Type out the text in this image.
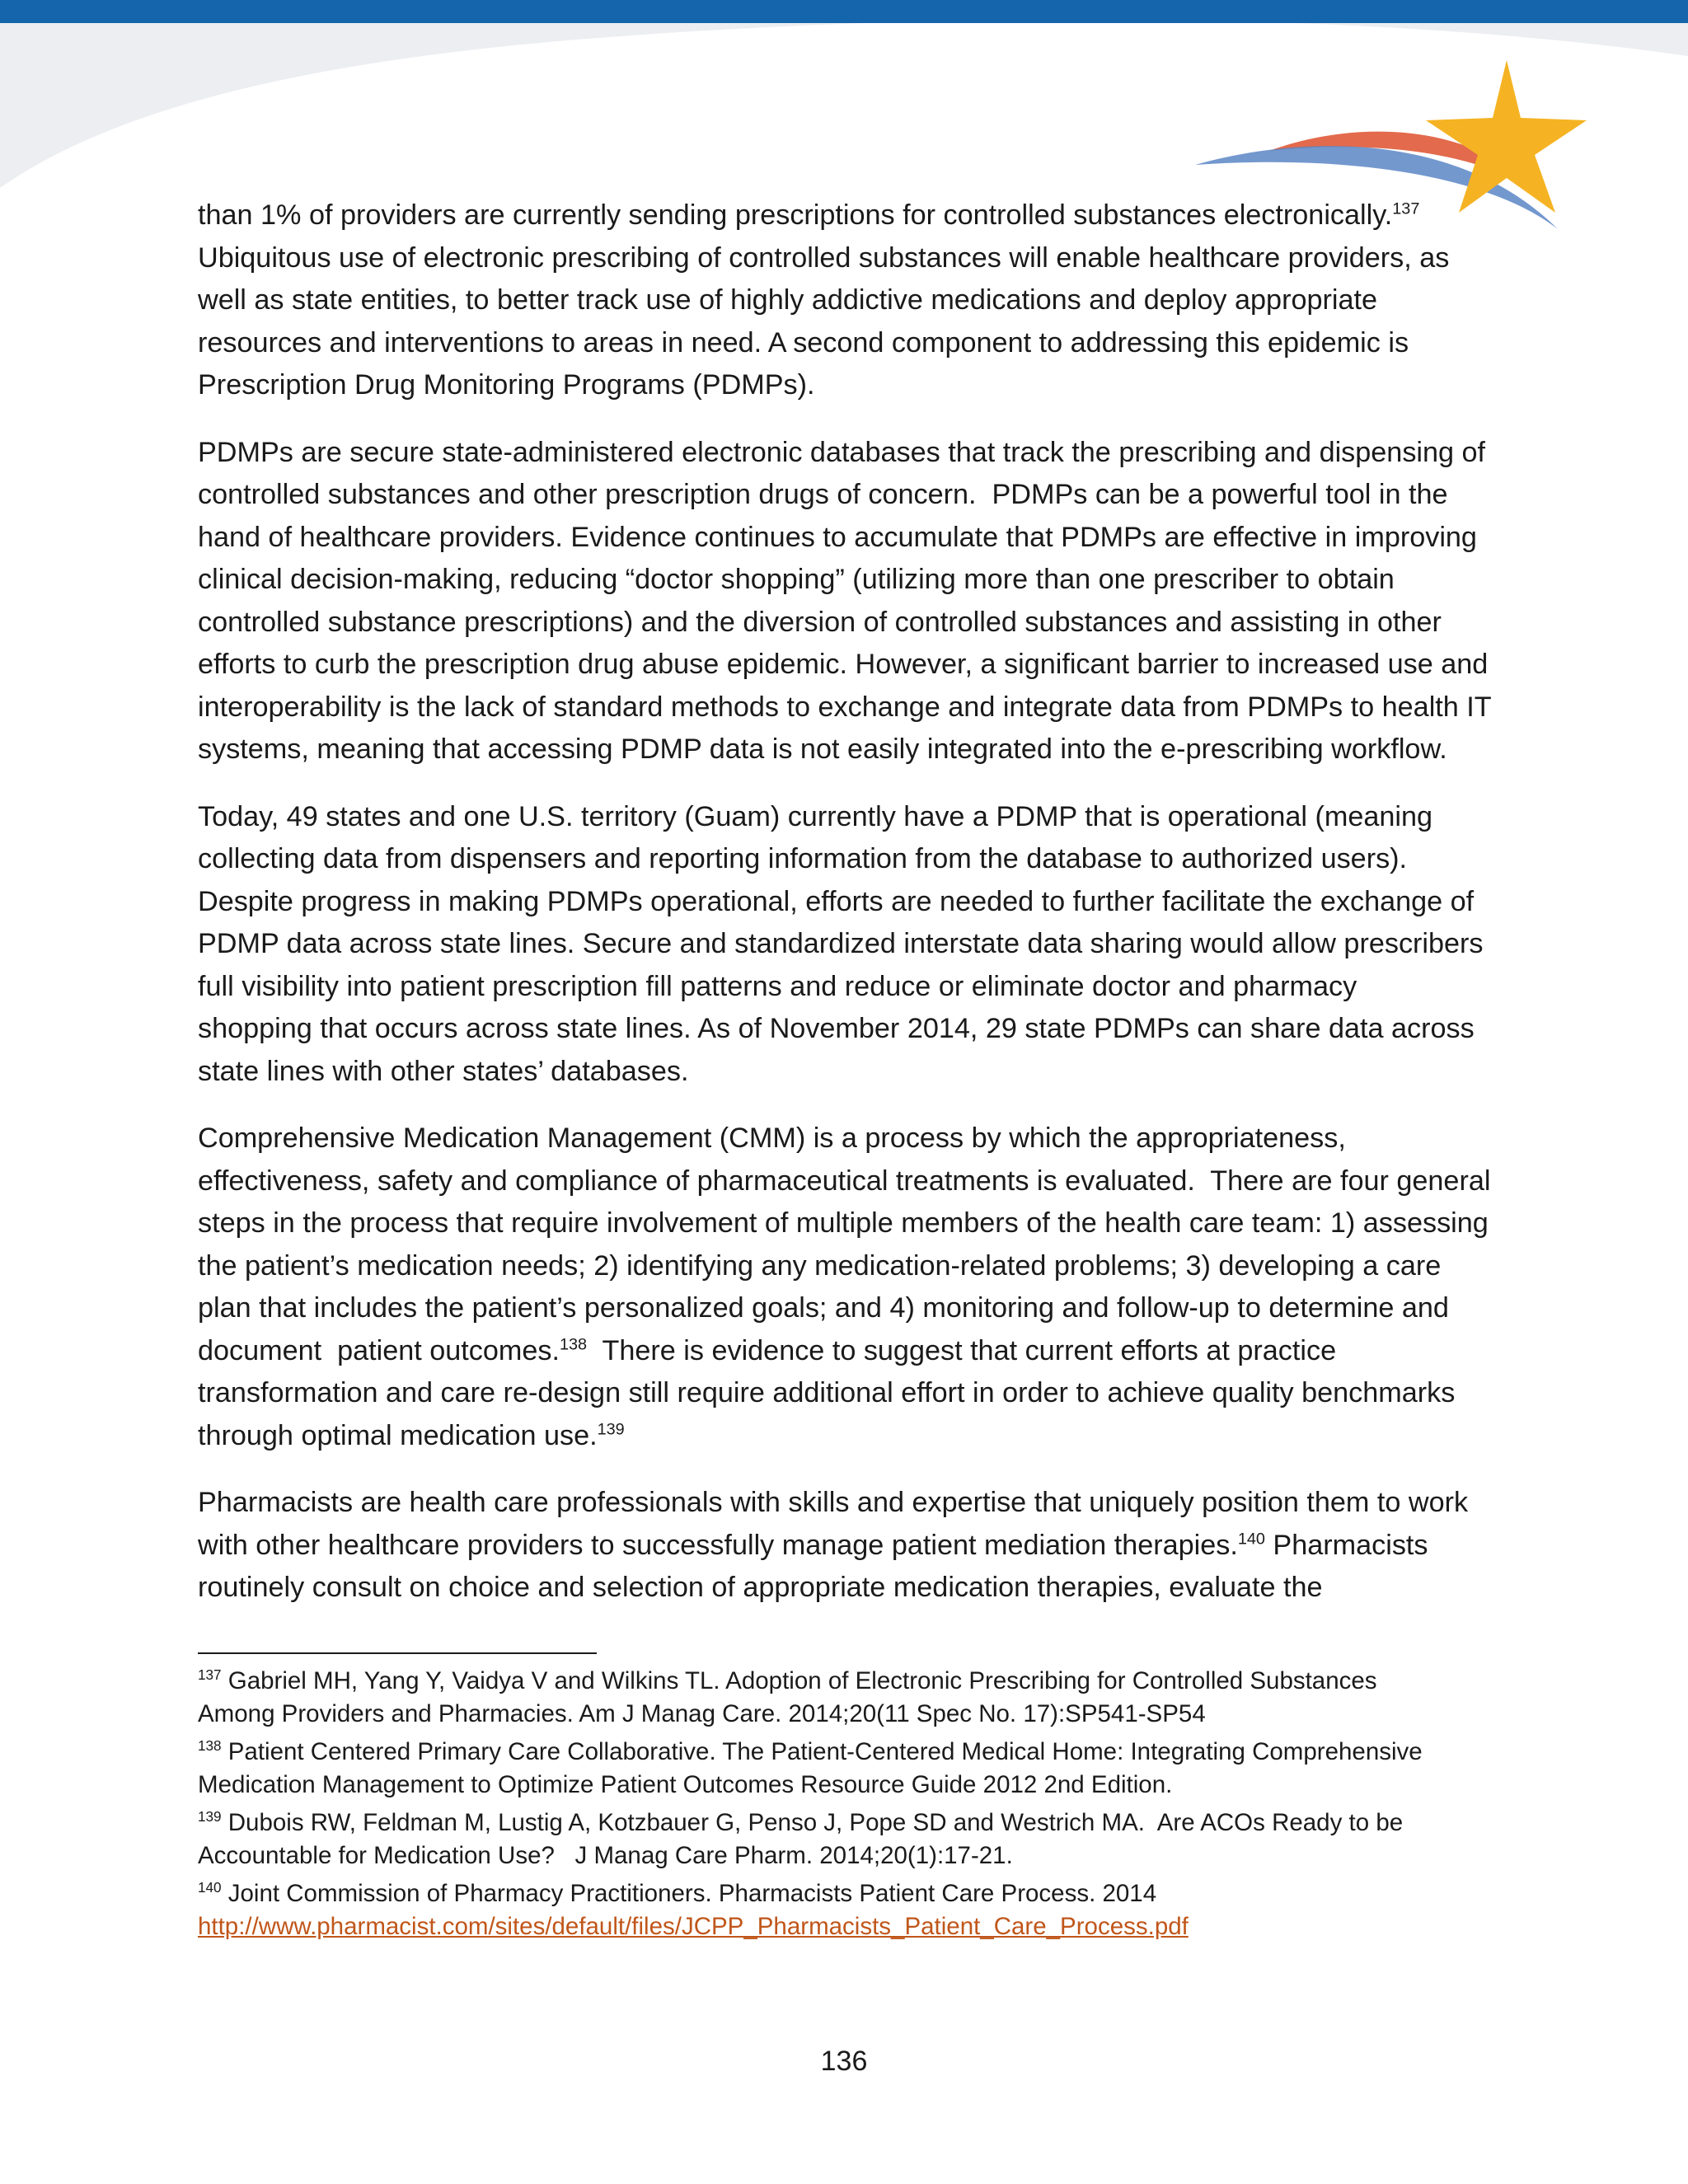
than 1% of providers are currently sending prescriptions for controlled substances electronically.$^{137}$
Ubiquitous use of electronic prescribing of controlled substances will enable healthcare providers, as
well as state entities, to better track use of highly addictive medications and deploy appropriate
resources and interventions to areas in need. A second component to addressing this epidemic is
Prescription Drug Monitoring Programs (PDMPs).

PDMPs are secure state-administered electronic databases that track the prescribing and dispensing of
controlled substances and other prescription drugs of concern.  PDMPs can be a powerful tool in the
hand of healthcare providers. Evidence continues to accumulate that PDMPs are effective in improving
clinical decision-making, reducing “doctor shopping” (utilizing more than one prescriber to obtain
controlled substance prescriptions) and the diversion of controlled substances and assisting in other
efforts to curb the prescription drug abuse epidemic. However, a significant barrier to increased use and
interoperability is the lack of standard methods to exchange and integrate data from PDMPs to health IT
systems, meaning that accessing PDMP data is not easily integrated into the e-prescribing workflow.

Today, 49 states and one U.S. territory (Guam) currently have a PDMP that is operational (meaning
collecting data from dispensers and reporting information from the database to authorized users).
Despite progress in making PDMPs operational, efforts are needed to further facilitate the exchange of
PDMP data across state lines. Secure and standardized interstate data sharing would allow prescribers
full visibility into patient prescription fill patterns and reduce or eliminate doctor and pharmacy
shopping that occurs across state lines. As of November 2014, 29 state PDMPs can share data across
state lines with other states’ databases.

Comprehensive Medication Management (CMM) is a process by which the appropriateness,
effectiveness, safety and compliance of pharmaceutical treatments is evaluated.  There are four general
steps in the process that require involvement of multiple members of the health care team: 1) assessing
the patient’s medication needs; 2) identifying any medication-related problems; 3) developing a care
plan that includes the patient’s personalized goals; and 4) monitoring and follow-up to determine and
document  patient outcomes.$^{138}$  There is evidence to suggest that current efforts at practice
transformation and care re-design still require additional effort in order to achieve quality benchmarks
through optimal medication use.$^{139}$

Pharmacists are health care professionals with skills and expertise that uniquely position them to work
with other healthcare providers to successfully manage patient mediation therapies.$^{140}$ Pharmacists
routinely consult on choice and selection of appropriate medication therapies, evaluate the

$^{137}$ Gabriel MH, Yang Y, Vaidya V and Wilkins TL. Adoption of Electronic Prescribing for Controlled Substances
Among Providers and Pharmacies. Am J Manag Care. 2014;20(11 Spec No. 17):SP541-SP54
$^{138}$ Patient Centered Primary Care Collaborative. The Patient-Centered Medical Home: Integrating Comprehensive
Medication Management to Optimize Patient Outcomes Resource Guide 2012 2nd Edition.
$^{139}$ Dubois RW, Feldman M, Lustig A, Kotzbauer G, Penso J, Pope SD and Westrich MA.  Are ACOs Ready to be
Accountable for Medication Use?   J Manag Care Pharm. 2014;20(1):17-21.
$^{140}$ Joint Commission of Pharmacy Practitioners. Pharmacists Patient Care Process. 2014
http://www.pharmacist.com/sites/default/files/JCPP_Pharmacists_Patient_Care_Process.pdf
136
